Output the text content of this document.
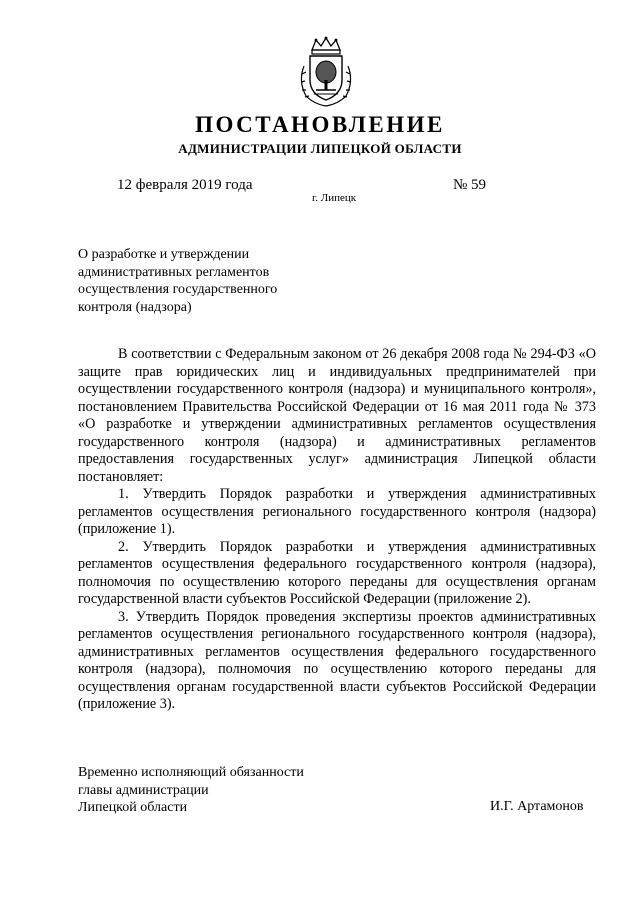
ПОСТАНОВЛЕНИЕ
АДМИНИСТРАЦИИ ЛИПЕЦКОЙ ОБЛАСТИ
12 февраля 2019 года	№ 59
г. Липецк
О разработке и утверждении
административных регламентов
осуществления государственного
контроля (надзора)

В соответствии с Федеральным законом от 26 декабря 2008 года № 294-ФЗ «О защите прав юридических лиц и индивидуальных предпринимателей при осуществлении государственного контроля (надзора) и муниципального контроля», постановлением Правительства Российской Федерации от 16 мая 2011 года № 373 «О разработке и утверждении административных регламентов осуществления государственного контроля (надзора) и административных регламентов предоставления государственных услуг» администрация Липецкой области постановляет:

1. Утвердить Порядок разработки и утверждения административных регламентов осуществления регионального государственного контроля (надзора) (приложение 1).

2. Утвердить Порядок разработки и утверждения административных регламентов осуществления федерального государственного контроля (надзора), полномочия по осуществлению которого переданы для осуществления органам государственной власти субъектов Российской Федерации (приложение 2).

3. Утвердить Порядок проведения экспертизы проектов административных регламентов осуществления регионального государственного контроля (надзора), административных регламентов осуществления федерального государственного контроля (надзора), полномочия по осуществлению которого переданы для осуществления органам государственной власти субъектов Российской Федерации (приложение 3).

Временно исполняющий обязанности
главы администрации
Липецкой области	И.Г. Артамонов
